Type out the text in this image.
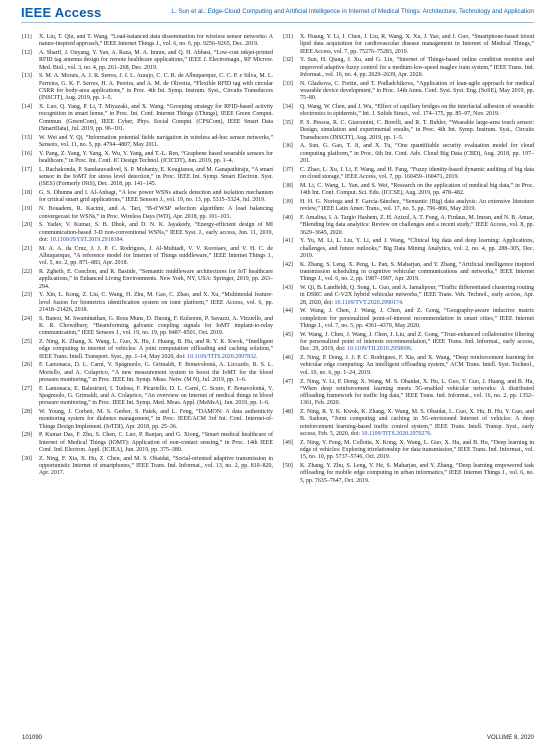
IEEE Access	L. Sun et al.: Edge-Cloud Computing and Artificial Intelligence in Internet of Medical Things: Architecture, Technology and Application
[11]	X. Liu, T. Qiu, and T. Wang, “Load-balanced data dissemination for wireless sensor networks: A nature-inspired approach,” IEEE Internet Things J., vol. 6, no. 6, pp. 9256–9265, Dec. 2019.
[12]	A. Sharif, J. Ouyang, Y. Yan, A. Raza, M. A. Imran, and Q. H. Abbasi, “Low-cost inkjet-printed RFID tag antenna design for remote healthcare applications,” IEEE J. Electromagn., RF Microw. Med. Biol., vol. 3, no. 4, pp. 261–268, Dec. 2019.
[13]	S. M. A. Morais, A. J. R. Serres, J. I. L. Araujo, C. C. R. de Albuquerque, C. C. P. e Silva, M. L. Ferreira, G. K. F. Serres, H. A. Pereira, and A. M. de Oliveira, “Flexible RFID tag with circular CSRR for body-area applications,” in Proc. 4th Int. Symp. Instrum. Syst., Circuits Transducers (INSCIT), Aug. 2019, pp. 1–5.
[14]	X. Luo, Q. Yang, P. Li, T. Miyazaki, and X. Wang, “Grouping strategy for RFID-based activity recognition in smart home,” in Proc. Int. Conf. Internet Things (iThings), IEEE Green Comput. Commun. (GreenCom), IEEE Cyber, Phys. Social Comput. (CPSCom), IEEE Smart Data (SmartData), Jul. 2019, pp. 96–101.
[15]	W. Wei and Y. Qi, “Information potential fields navigation in wireless ad-hoc sensor networks,” Sensors, vol. 11, no. 5, pp. 4794–4807, May 2011.
[16]	Y. Pang, Z. Yang, Y. Yang, X. Wu, Y. Yang, and T.-L. Ren, “Graphene based wearable sensors for healthcare,” in Proc. Int. Conf. IC Design Technol. (ICICDT), Jun. 2019, pp. 1–4.
[17]	L. Rachakonda, P. Sundaravadivel, S. P. Mohanty, E. Kougianos, and M. Ganapathiraju, “A smart sensor in the IoMT for stress level detection,” in Proc. IEEE Int. Symp. Smart Electron. Syst. (iSES) (Formerly iNiS), Dec. 2018, pp. 141–145.
[18]	G. S. Dhunna and I. Al-Anbagi, “A low power WSNs attack detection and isolation mechanism for critical smart grid applications,” IEEE Sensors J., vol. 19, no. 13, pp. 5315–5324, Jul. 2019.
[19]	N. Bouadem, R. Kacimi, and A. Tari, “B-d’WSP selection algorithm: A load balancing convergecast for WSNs,” in Proc. Wireless Days (WD), Apr. 2018, pp. 101–103.
[20]	S. Yadav, V. Kumar, S. B. Dhok, and D. N. K. Jayakody, “Energy-efficient design of MI communication-based 3-D non-conventional WSNs,” IEEE Syst. J., early access, Jun. 11, 2019, doi: 10.1109/JSYST.2019.2918184.
[21]	M. A. A. da Cruz, J. J. P. C. Rodrigues, J. Al-Muhtadi, V. V. Korotaev, and V. H. C. de Albuquerque, “A reference model for Internet of Things middleware,” IEEE Internet Things J., vol. 5, no. 2, pp. 871–883, Apr. 2018.
[22]	R. Zgheib, E. Conchon, and R. Bastide, “Semantic middleware architectures for IoT healthcare applications,” in Enhanced Living Environments. New York, NY, USA: Springer, 2019, pp. 263–294.
[23]	Y. Xin, L. Kong, Z. Liu, C. Wang, H. Zhu, M. Gao, C. Zhao, and X. Xu, “Multimodal feature-level fusion for biometrics identification system on iomt platform,” IEEE Access, vol. 6, pp. 21418–21426, 2018.
[24]	S. Banou, M. Swaminathan, G. Reus Muns, D. Duong, F. Kulsoom, P. Savazzi, A. Vizziello, and K. R. Chowdhury, “Beamforming galvanic coupling signals for IoMT implant-to-relay communication,” IEEE Sensors J., vol. 19, no. 19, pp. 8487–8501, Oct. 2019.
[25]	Z. Ning, K. Zhang, X. Wang, L. Guo, X. Hu, J. Huang, B. Hu, and R. Y. K. Kwok, “Intelligent edge computing in internet of vehicles: A joint computation offloading and caching solution,” IEEE Trans. Intell. Transport. Syst., pp. 1–14, May 2020, doi: 10.1109/TITS.2020.2997832.
[26]	F. Lamonaca, D. L. Carnì, V. Spagnuolo, G. Grimaldi, F. Bonavolontà, A. Liccardo, R. S. L. Moriello, and A. Colaprico, “A new measurement system to boost the IoMT for the blood pressure monitoring,” in Proc. IEEE Int. Symp. Meas. Netw. (M N), Jul. 2019, pp. 1–6.
[27]	F. Lamonaca, E. Balestrieri, I. Tudosa, F. Picariello, D. L. Carnì, C. Scuro, F. Bonavolontà, V. Spagnuolo, G. Grimaldi, and A. Colaprico, “An overview on Internet of medical things in blood pressure monitoring,” in Proc. IEEE Int. Symp. Med. Meas. Appl. (MeMeA), Jun. 2019, pp. 1–6.
[28]	W. Young, J. Corbett, M. S. Gerber, S. Patek, and L. Feng, “DAMON: A data authenticity monitoring system for diabetes management,” in Proc. IEEE/ACM 3rd Int. Conf. Internet-of-Things Design Implement. (IoTDI), Apr. 2018, pp. 25–36.
[29]	P. Kumar Das, F. Zhu, S. Chen, C. Luo, P. Ranjan, and G. Xiong, “Smart medical healthcare of Internet of Medical Things (IOMT): Application of non-contact sensing,” in Proc. 14th IEEE Conf. Ind. Electron. Appl. (ICIEA), Jun. 2019, pp. 375–380.
[30]	Z. Ning, F. Xia, X. Hu, Z. Chen, and M. S. Obaidat, “Social-oriented adaptive transmission in opportunistic Internet of smartphones,” IEEE Trans. Ind. Informat., vol. 13, no. 2, pp. 810–820, Apr. 2017.
[31]	X. Huang, Y. Li, J. Chen, J. Liu, R. Wang, X. Xu, J. Yao, and J. Guo, “Smartphone-based blood lipid data acquisition for cardiovascular disease management in Internet of Medical Things,” IEEE Access, vol. 7, pp. 75276–75283, 2019.
[32]	Y. Sun, H. Qiang, J. Xu, and G. Lin, “Internet of Things-based online condition monitor and improved adaptive fuzzy control for a medium-low-speed maglev train system,” IEEE Trans. Ind. Informat., vol. 16, no. 4, pp. 2629–2639, Apr. 2020.
[33]	N. Glazkova, C. Fortin, and T. Podladchikova, “Application of lean-agile approach for medical wearable device development,” in Proc. 14th Annu. Conf. Syst. Syst. Eng. (SoSE), May 2019, pp. 75–80.
[34]	Q. Wang, W. Chen, and J. Wu, “Effect of capillary bridges on the interfacial adhesion of wearable electronics to epidermis,” Int. J. Solids Struct., vol. 174–175, pp. 85–97, Nov. 2019.
[35]	P. S. Pessoa, R. C. Giacomini, C. Borelli, and R. T. Buhler, “Wearable large-area touch sensor: Design, simulation and experimental results,” in Proc. 4th Int. Symp. Instrum. Syst., Circuits Transducers (INSCIT), Aug. 2019, pp. 1–5.
[36]	A. Sun, G. Gao, T. Ji, and X. Tu, “One quantifiable security evaluation model for cloud computing platform,” in Proc. 6th Int. Conf. Adv. Cloud Big Data (CBD), Aug. 2018, pp. 197–201.
[37]	C. Zhao, L. Xu, J. Li, F. Wang, and H. Fang, “Fuzzy identity-based dynamic auditing of big data on cloud storage,” IEEE Access, vol. 7, pp. 160459–160471, 2019.
[38]	M. Li, C. Wang, L. Yan, and S. Wei, “Research on the application of medical big data,” in Proc. 14th Int. Conf. Comput. Sci. Edu. (ICCSE), Aug. 2019, pp. 478–482.
[39]	H. H. G. Noriega and F. García-Sánchez, “Semantic (Big) data analysis: An extensive literature review,” IEEE Latin Amer. Trans., vol. 17, no. 5, pp. 796–806, May 2019.
[40]	F. Amalina, I. A. Targio Hashem, Z. H. Azizul, A. T. Fong, A. Firdaus, M. Imran, and N. B. Anuar, “Blending big data analytics: Review on challenges and a recent study,” IEEE Access, vol. 8, pp. 3629–3645, 2020.
[41]	Y. Yu, M. Li, L. Liu, Y. Li, and J. Wang, “Clinical big data and deep learning: Applications, challenges, and future outlooks,” Big Data Mining Analytics, vol. 2, no. 4, pp. 288–305, Dec. 2019.
[42]	K. Zhang, S. Leng, X. Peng, L. Pan, S. Maharjan, and Y. Zhang, “Artificial intelligence inspired transmission scheduling in cognitive vehicular communications and networks,” IEEE Internet Things J., vol. 6, no. 2, pp. 1987–1997, Apr. 2019.
[43]	W. Qi, B. Landfeldt, Q. Song, L. Guo, and A. Jamalipour, “Traffic differentiated clustering routing in DSRC and C-V2X hybrid vehicular networks,” IEEE Trans. Veh. Technol., early access, Apr. 28, 2020, doi: 10.1109/TVT.2020.2990174.
[44]	W. Wang, J. Chen, J. Wang, J. Chen, and Z. Gong, “Geography-aware inductive matrix completion for personalized point-of-interest recommendation in smart cities,” IEEE Internet Things J., vol. 7, no. 5, pp. 4361–4370, May 2020.
[45]	W. Wang, J. Chen, J. Wang, J. Chen, J. Liu, and Z. Gong, “Trust-enhanced collaborative filtering for personalized point of interests recommendation,” IEEE Trans. Ind. Informat., early access, Dec. 29, 2019, doi: 10.1109/TII.2019.2958696.
[46]	Z. Ning, P. Dong, J. J. P. C. Rodrigues, F. Xia, and X. Wang, “Deep reinforcement learning for vehicular edge computing: An intelligent offloading system,” ACM Trans. Intell. Syst. Technol., vol. 10, no. 6, pp. 1–24, 2019.
[47]	Z. Ning, Y. Li, P. Dong, X. Wang, M. S. Obaidat, X. Hu, L. Guo, Y. Guo, J. Huang, and B. Hu, “When deep reinforcement learning meets 5G-enabled vehicular networks: A distributed offloading framework for traffic big data,” IEEE Trans. Ind. Informat., vol. 16, no. 2, pp. 1352–1361, Feb. 2020.
[48]	Z. Ning, R. Y. K. Kwok, K. Zhang, X. Wang, M. S. Obaidat, L. Guo, X. Hu, B. Hu, Y. Guo, and B. Sadoun, “Joint computing and caching in 5G-envisioned Internet of vehicles: A deep reinforcement learning-based traffic control system,” IEEE Trans. Intell. Transp. Syst., early access, Feb. 5, 2020, doi: 10.1109/TITS.2020.2970276.
[49]	Z. Ning, Y. Feng, M. Collotta, X. Kong, X. Wang, L. Guo, X. Hu, and B. Hu, “Deep learning in edge of vehicles: Exploring trirelationship for data transmission,” IEEE Trans. Ind. Informat., vol. 15, no. 10, pp. 5737–5746, Oct. 2019.
[50]	K. Zhang, Y. Zhu, S. Leng, Y. He, S. Maharjan, and Y. Zhang, “Deep learning empowered task offloading for mobile edge computing in urban informatics,” IEEE Internet Things J., vol. 6, no. 5, pp. 7635–7647, Oct. 2019.
101090	VOLUME 8, 2020
